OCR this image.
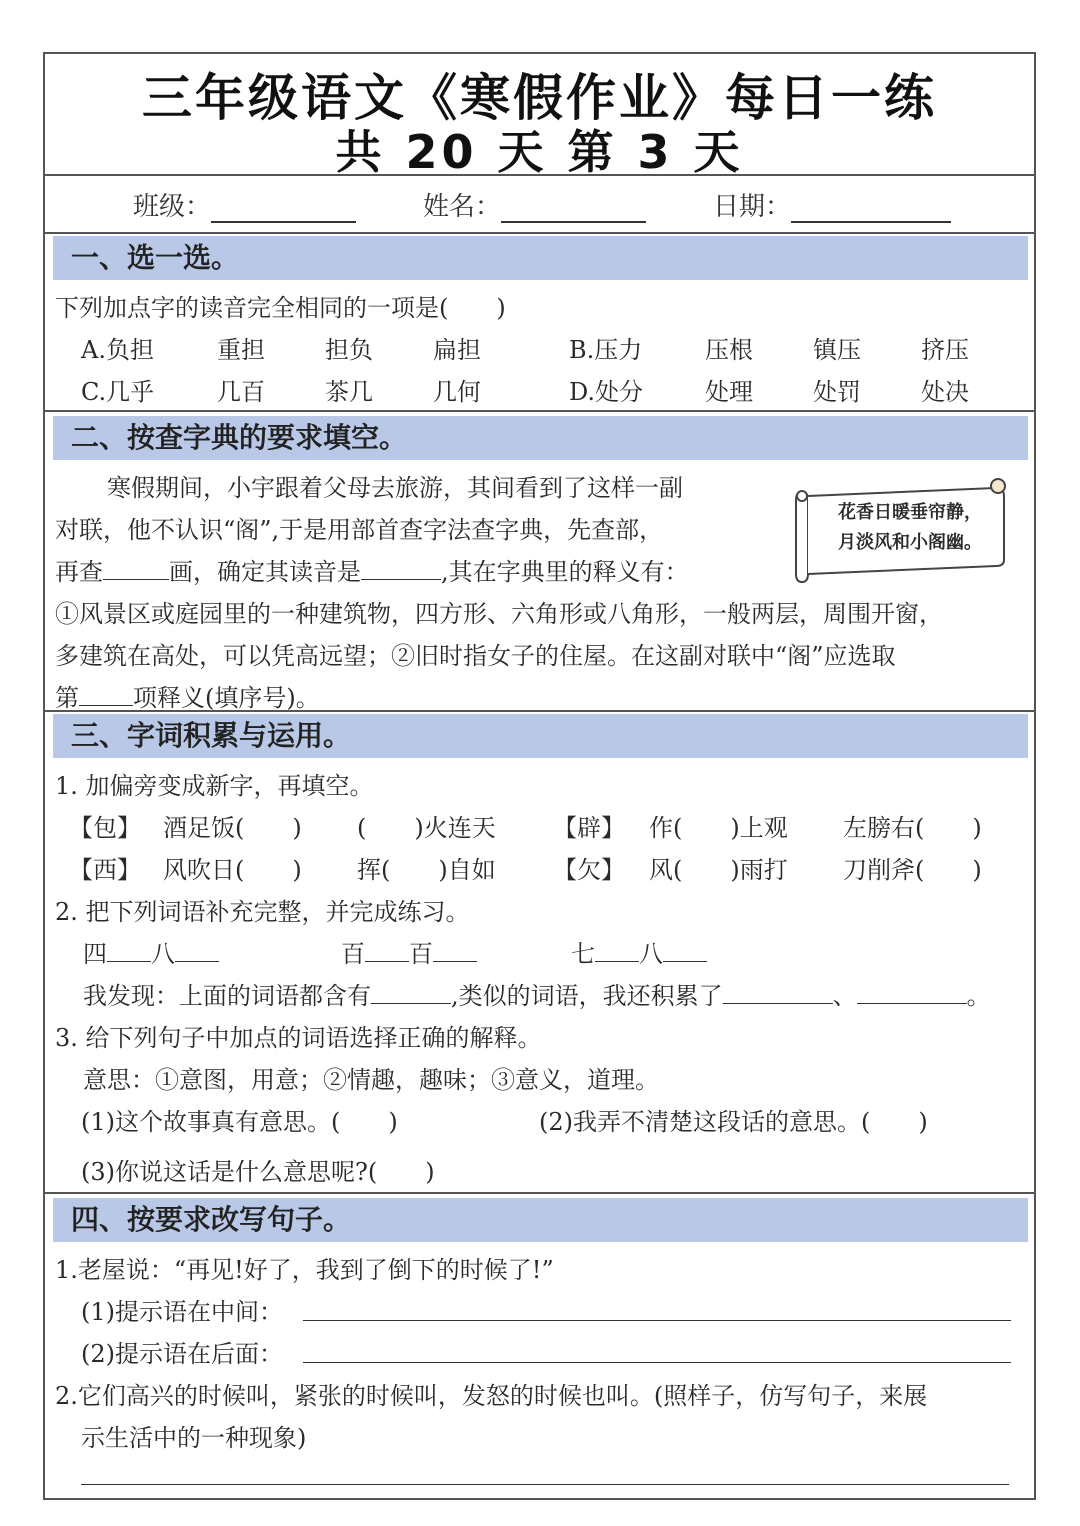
三年级语文《寒假作业》每日一练
共 20 天 第 3 天
班级：	姓名：	日期：
一、选一选。
下列加点字的读音完全相同的一项是(　　)
A.负担	重担	担负	扁担	B.压力	压根	镇压	挤压
C.几乎	几百	茶几	几何	D.处分	处理	处罚	处决
二、按查字典的要求填空。
寒假期间，小宇跟着父母去旅游，其间看到了这样一副
对联，他不认识“阁”,于是用部首查字法查字典，先查部，
再查	画，确定其读音是	,其在字典里的释义有：
①风景区或庭园里的一种建筑物，四方形、六角形或八角形，一般两层，周围开窗，
多建筑在高处，可以凭高远望；②旧时指女子的住屋。在这副对联中“阁”应选取
第 项释义(填序号)。
花香日暖垂帘静，
月淡风和小阁幽。
三、字词积累与运用。
1. 加偏旁变成新字，再填空。
【包】 酒足饭(　　) (　　)火连天 【辟】 作(　　)上观 左膀右(　　)
【西】 风吹日(　　) 挥(　　)自如 【欠】 风(　　)雨打 刀削斧(　　)
2. 把下列词语补充完整，并完成练习。
四 八	百 百	七 八
我发现：上面的词语都含有	,类似的词语，我还积累了	、	。
3. 给下列句子中加点的词语选择正确的解释。
意思：①意图，用意；②情趣，趣味；③意义，道理。
(1)这个故事真有意思。(　　)	(2)我弄不清楚这段话的意思。(　　)
(3)你说这话是什么意思呢?(　　)
四、按要求改写句子。
1.老屋说：“再见!好了，我到了倒下的时候了!”
(1)提示语在中间：
(2)提示语在后面：
2.它们高兴的时候叫，紧张的时候叫，发怒的时候也叫。(照样子，仿写句子，来展
示生活中的一种现象)
